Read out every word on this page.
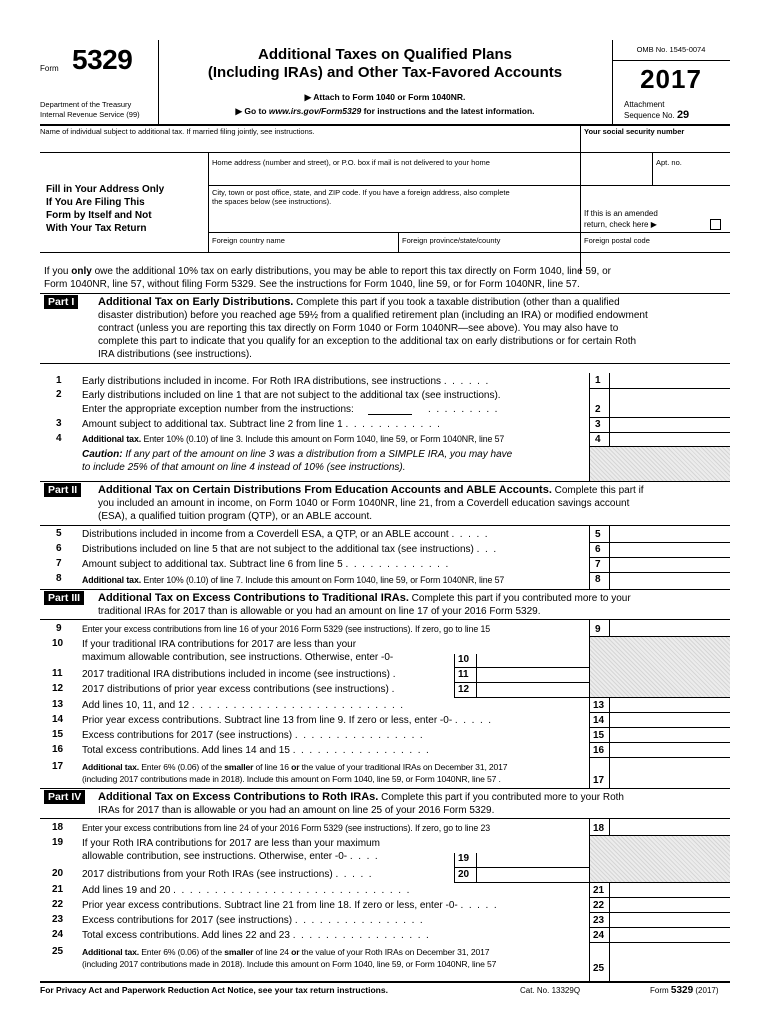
Form 5329
Department of the Treasury
Internal Revenue Service (99)
Additional Taxes on Qualified Plans
(Including IRAs) and Other Tax-Favored Accounts
▶ Attach to Form 1040 or Form 1040NR.
▶ Go to www.irs.gov/Form5329 for instructions and the latest information.
OMB No. 1545-0074
2017
Attachment
Sequence No. 29
Name of individual subject to additional tax. If married filing jointly, see instructions.	Your social security number
Home address (number and street), or P.O. box if mail is not delivered to your home	Apt. no.
Fill in Your Address Only
If You Are Filing This
Form by Itself and Not
With Your Tax Return
City, town or post office, state, and ZIP code. If you have a foreign address, also complete
the spaces below (see instructions).
If this is an amended
return, check here ▶
Foreign country name	Foreign province/state/county	Foreign postal code
If you only owe the additional 10% tax on early distributions, you may be able to report this tax directly on Form 1040, line 59, or
Form 1040NR, line 57, without filing Form 5329. See the instructions for Form 1040, line 59, or for Form 1040NR, line 57.
Part I	Additional Tax on Early Distributions. Complete this part if you took a taxable distribution (other than a qualified
disaster distribution) before you reached age 59½ from a qualified retirement plan (including an IRA) or modified endowment
contract (unless you are reporting this tax directly on Form 1040 or Form 1040NR—see above). You may also have to
complete this part to indicate that you qualify for an exception to the additional tax on early distributions or for certain Roth
IRA distributions (see instructions).
1 Early distributions included in income. For Roth IRA distributions, see instructions .  .  .  .  .  .	1
2 Early distributions included on line 1 that are not subject to the additional tax (see instructions).
Enter the appropriate exception number from the instructions:	.  .  .  .  .  .  .  .  .	2
3 Amount subject to additional tax. Subtract line 2 from line 1 .  .  .  .  .  .  .  .  .  .  .  .	3
4 Additional tax. Enter 10% (0.10) of line 3. Include this amount on Form 1040, line 59, or Form 1040NR, line 57	4
Caution: If any part of the amount on line 3 was a distribution from a SIMPLE IRA, you may have
to include 25% of that amount on line 4 instead of 10% (see instructions).
Part II	Additional Tax on Certain Distributions From Education Accounts and ABLE Accounts. Complete this part if
you included an amount in income, on Form 1040 or Form 1040NR, line 21, from a Coverdell education savings account
(ESA), a qualified tuition program (QTP), or an ABLE account.
5 Distributions included in income from a Coverdell ESA, a QTP, or an ABLE account .  .  .  .  .	5
6 Distributions included on line 5 that are not subject to the additional tax (see instructions) .  .  .	6
7 Amount subject to additional tax. Subtract line 6 from line 5 .  .  .  .  .  .  .  .  .  .  .  .  .	7
8 Additional tax. Enter 10% (0.10) of line 7. Include this amount on Form 1040, line 59, or Form 1040NR, line 57	8
Part III	Additional Tax on Excess Contributions to Traditional IRAs. Complete this part if you contributed more to your
traditional IRAs for 2017 than is allowable or you had an amount on line 17 of your 2016 Form 5329.
9 Enter your excess contributions from line 16 of your 2016 Form 5329 (see instructions). If zero, go to line 15	9
10 If your traditional IRA contributions for 2017 are less than your
maximum allowable contribution, see instructions. Otherwise, enter -0-	10
11 2017 traditional IRA distributions included in income (see instructions) .	11
12 2017 distributions of prior year excess contributions (see instructions) .	12
13 Add lines 10, 11, and 12 .  .  .  .  .  .  .  .  .  .  .  .  .  .  .  .  .  .  .  .  .  .  .  .  .  .	13
14 Prior year excess contributions. Subtract line 13 from line 9. If zero or less, enter -0- .  .  .  .  .	14
15 Excess contributions for 2017 (see instructions) .  .  .  .  .  .  .  .  .  .  .  .  .  .  .  .	15
16 Total excess contributions. Add lines 14 and 15 .  .  .  .  .  .  .  .  .  .  .  .  .  .  .  .  .	16
17 Additional tax. Enter 6% (0.06) of the smaller of line 16 or the value of your traditional IRAs on December 31, 2017
(including 2017 contributions made in 2018). Include this amount on Form 1040, line 59, or Form 1040NR, line 57 .	17
Part IV	Additional Tax on Excess Contributions to Roth IRAs. Complete this part if you contributed more to your Roth
IRAs for 2017 than is allowable or you had an amount on line 25 of your 2016 Form 5329.
18 Enter your excess contributions from line 24 of your 2016 Form 5329 (see instructions). If zero, go to line 23	18
19 If your Roth IRA contributions for 2017 are less than your maximum
allowable contribution, see instructions. Otherwise, enter -0- .  .  .  .	19
20 2017 distributions from your Roth IRAs (see instructions) .  .  .  .  .	20
21 Add lines 19 and 20 .  .  .  .  .  .  .  .  .  .  .  .  .  .  .  .  .  .  .  .  .  .  .  .  .  .  .  .  .	21
22 Prior year excess contributions. Subtract line 21 from line 18. If zero or less, enter -0- .  .  .  .  .	22
23 Excess contributions for 2017 (see instructions) .  .  .  .  .  .  .  .  .  .  .  .  .  .  .  .	23
24 Total excess contributions. Add lines 22 and 23 .  .  .  .  .  .  .  .  .  .  .  .  .  .  .  .  .	24
25 Additional tax. Enter 6% (0.06) of the smaller of line 24 or the value of your Roth IRAs on December 31, 2017
(including 2017 contributions made in 2018). Include this amount on Form 1040, line 59, or Form 1040NR, line 57	25
For Privacy Act and Paperwork Reduction Act Notice, see your tax return instructions.	Cat. No. 13329Q	Form 5329 (2017)
